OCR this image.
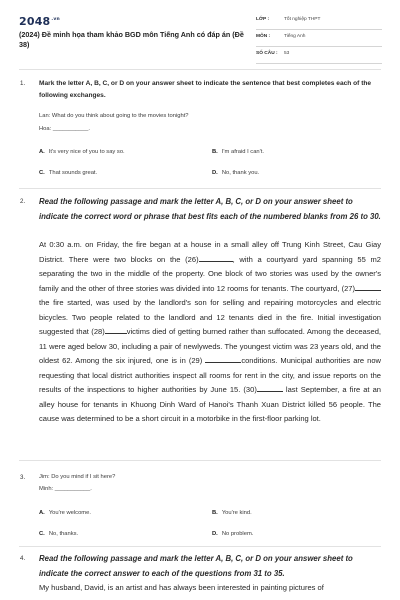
$2048^{.vn}$
(2024) Đề minh họa tham khảo BGD môn Tiếng Anh có đáp án (Đề 38)
LỚP :	Tốt nghiệp THPT
MÔN :	Tiếng Anh
SỐ CÂU : 53
1. Mark the letter A, B, C, or D on your answer sheet to indicate the sentence that best completes each of the following exchanges.
Lan: What do you think about going to the movies tonight?
Hoa: ___________.
A. It's very nice of you to say so.	B. I'm afraid I can't.
C. That sounds great.	D. No, thank you.
2. Read the following passage and mark the letter A, B, C, or D on your answer sheet to indicate the correct word or phrase that best fits each of the numbered blanks from 26 to 30.

At 0:30 a.m. on Friday, the fire began at a house in a small alley off Trung Kinh Street, Cau Giay District. There were two blocks on the (26)	, with a courtyard yard spanning 55 m2 separating the two in the middle of the property. One block of two stories was used by the owner's family and the other of three stories was divided into 12 rooms for tenants. The courtyard, (27) the fire started, was used by the landlord's son for selling and repairing motorcycles and electric bicycles. Two people related to the landlord and 12 tenants died in the fire. Initial investigation suggested that (28)	victims died of getting burned rather than suffocated. Among the deceased, 11 were aged below 30, including a pair of newlyweds. The youngest victim was 23 years old, and the oldest 62. Among the six injured, one is in (29)	conditions. Municipal authorities are now requesting that local district authorities inspect all rooms for rent in the city, and issue reports on the results of the inspections to higher authorities by June 15. (30)	last September, a fire at an alley house for tenants in Khuong Dinh Ward of Hanoi's Thanh Xuan District killed 56 people. The cause was determined to be a short circuit in a motorbike in the first-floor parking lot.

3. Jim: Do you mind if I sit here?
Minh: ___________.
A. You're welcome.	B. You're kind.
C. No, thanks.	D. No problem.
4. Read the following passage and mark the letter A, B, C, or D on your answer sheet to indicate the correct answer to each of the questions from 31 to 35.
My husband, David, is an artist and has always been interested in painting pictures of
